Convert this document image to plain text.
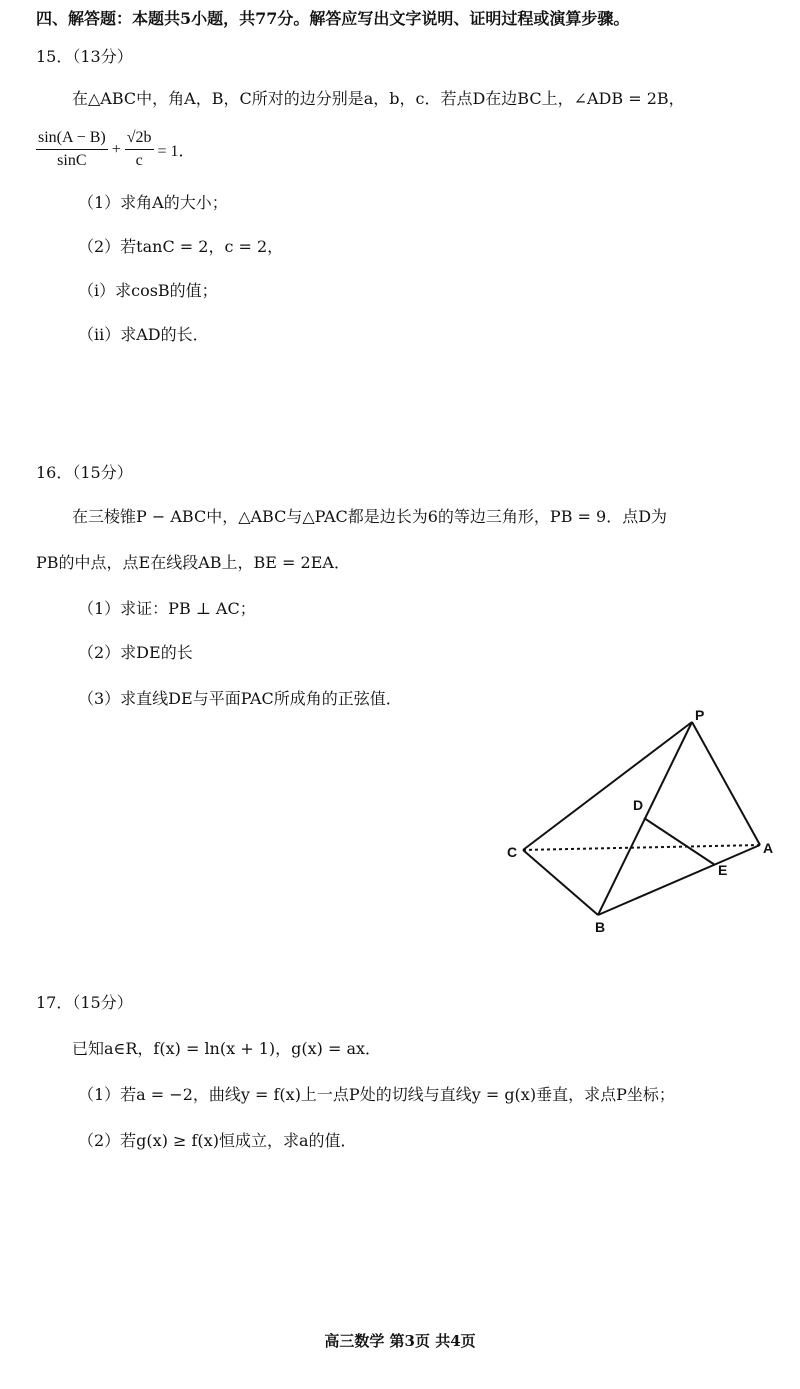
四、解答题：本题共5小题，共77分。解答应写出文字说明、证明过程或演算步骤。
15．（13分）
在△ABC中，角A，B，C所对的边分别是a，b，c．若点D在边BC上，∠ADB = 2B，
$\frac{\sin(A - B)}{\sin C} + \frac{√2b}{c} = 1$．
（1）求角A的大小；
（2）若tanC = 2，c = 2，
（ⅰ）求cosB的值；
（ⅱ）求AD的长．
16．（15分）
在三棱锥P − ABC中，△ABC与△PAC都是边长为6的等边三角形，PB = 9．点D为
PB的中点，点E在线段AB上，BE = 2EA．
（1）求证：PB ⊥ AC；
（2）求DE的长
（3）求直线DE与平面PAC所成角的正弦值．
P
D
C	A
E
B
17．（15分）
已知a∈R，f(x) = ln(x + 1)，g(x) = ax．
（1）若a = −2，曲线y = f(x)上一点P处的切线与直线y = g(x)垂直，求点P坐标；
（2）若g(x) ≥ f(x)恒成立，求a的值．
高三数学 第3页 共4页
